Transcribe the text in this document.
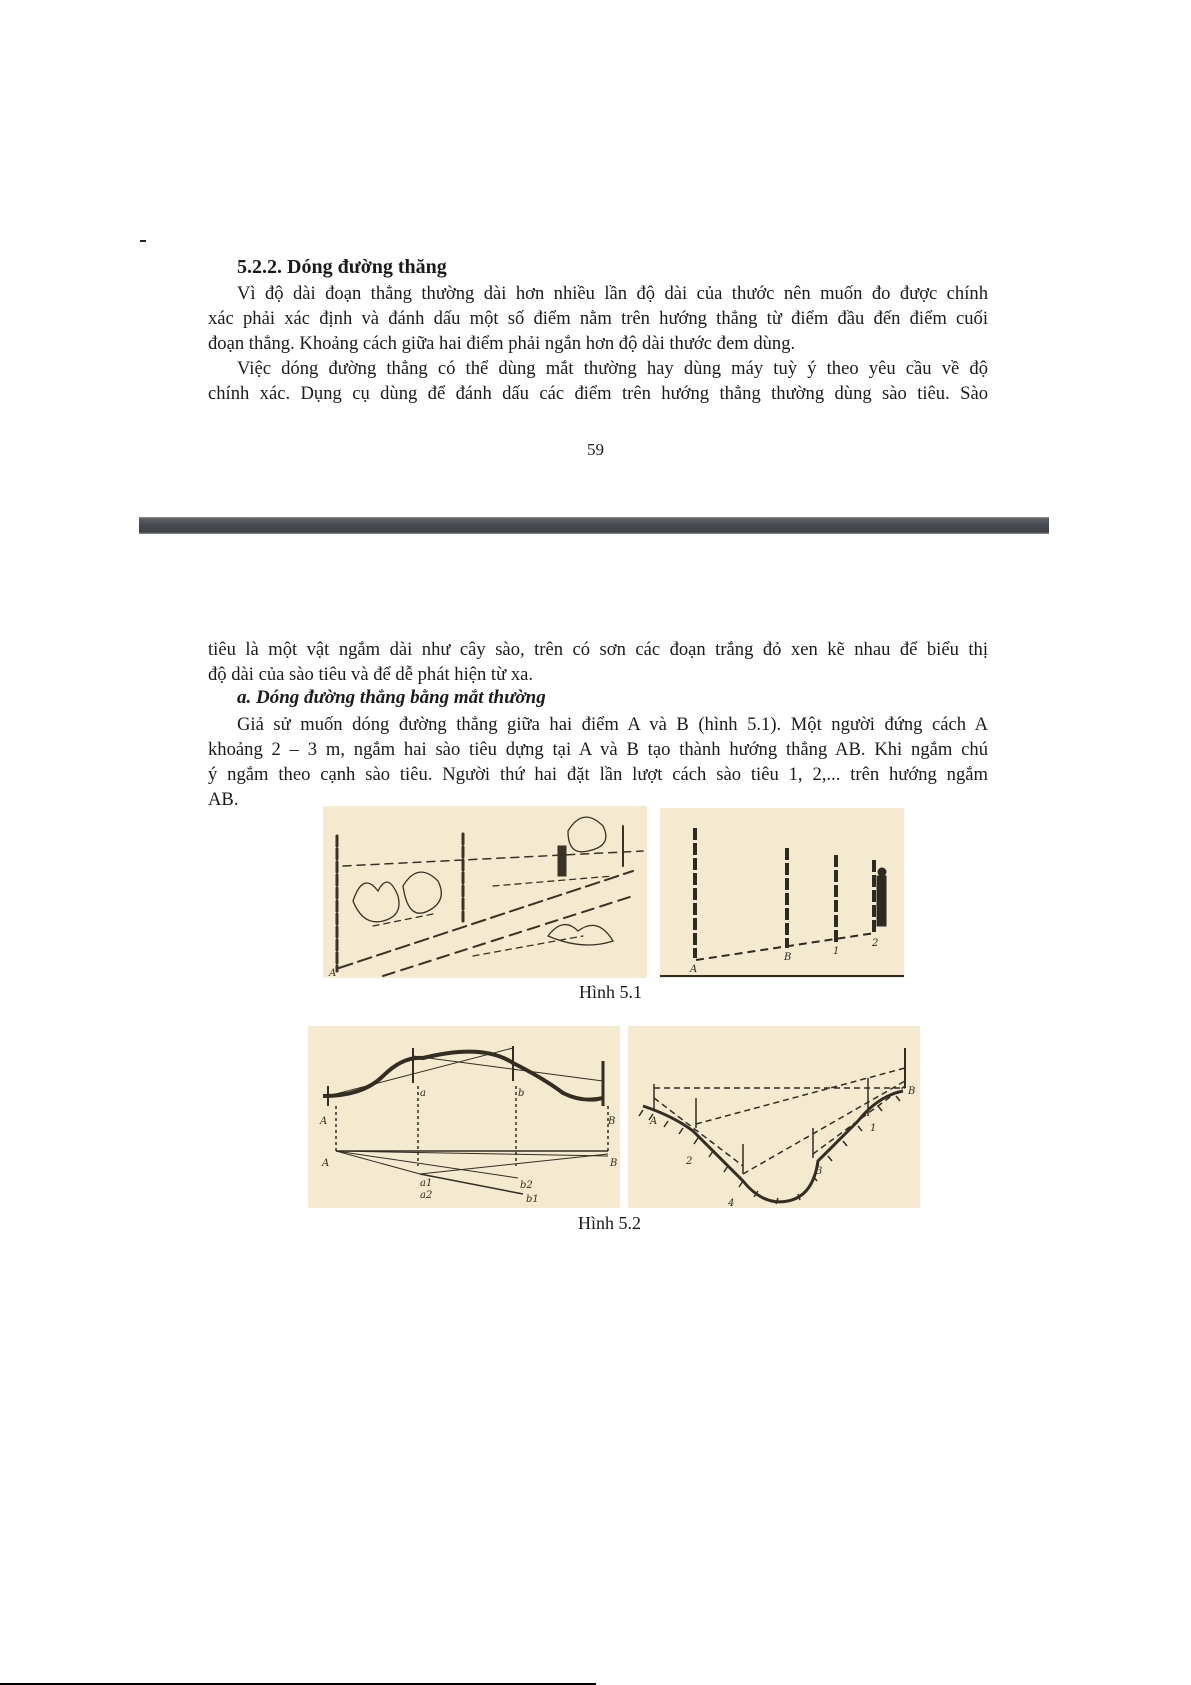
5.2.2. Dóng đường thăng
Vì độ dài đoạn thẳng thường dài hơn nhiều lần độ dài của thước nên muốn đo được chính
xác phải xác định và đánh dấu một số điểm nằm trên hướng thẳng từ điểm đầu đến điểm cuối
đoạn thẳng. Khoảng cách giữa hai điểm phải ngắn hơn độ dài thước đem dùng.
Việc dóng đường thẳng có thể dùng mắt thường hay dùng máy tuỳ ý theo yêu cầu về độ
chính xác. Dụng cụ dùng để đánh dấu các điểm trên hướng thẳng thường dùng sào tiêu. Sào
59
tiêu là một vật ngắm dài như cây sào, trên có sơn các đoạn trắng đỏ xen kẽ nhau để biểu thị
độ dài của sào tiêu và để dễ phát hiện từ xa.
a. Dóng đường thẳng bằng mắt thường
Giả sử muốn dóng đường thẳng giữa hai điểm A và B (hình 5.1). Một người đứng cách A
khoảng 2 – 3 m, ngắm hai sào tiêu dựng tại A và B tạo thành hướng thẳng AB. Khi ngắm chú
ý ngắm theo cạnh sào tiêu. Người thứ hai đặt lần lượt cách sào tiêu 1, 2,... trên hướng ngắm
AB.
A	A
B
1
2
Hình 5.1
A	B
A	B
a	b
a1	b2
a2	b1
A
B
1
2
3
4
Hình 5.2
